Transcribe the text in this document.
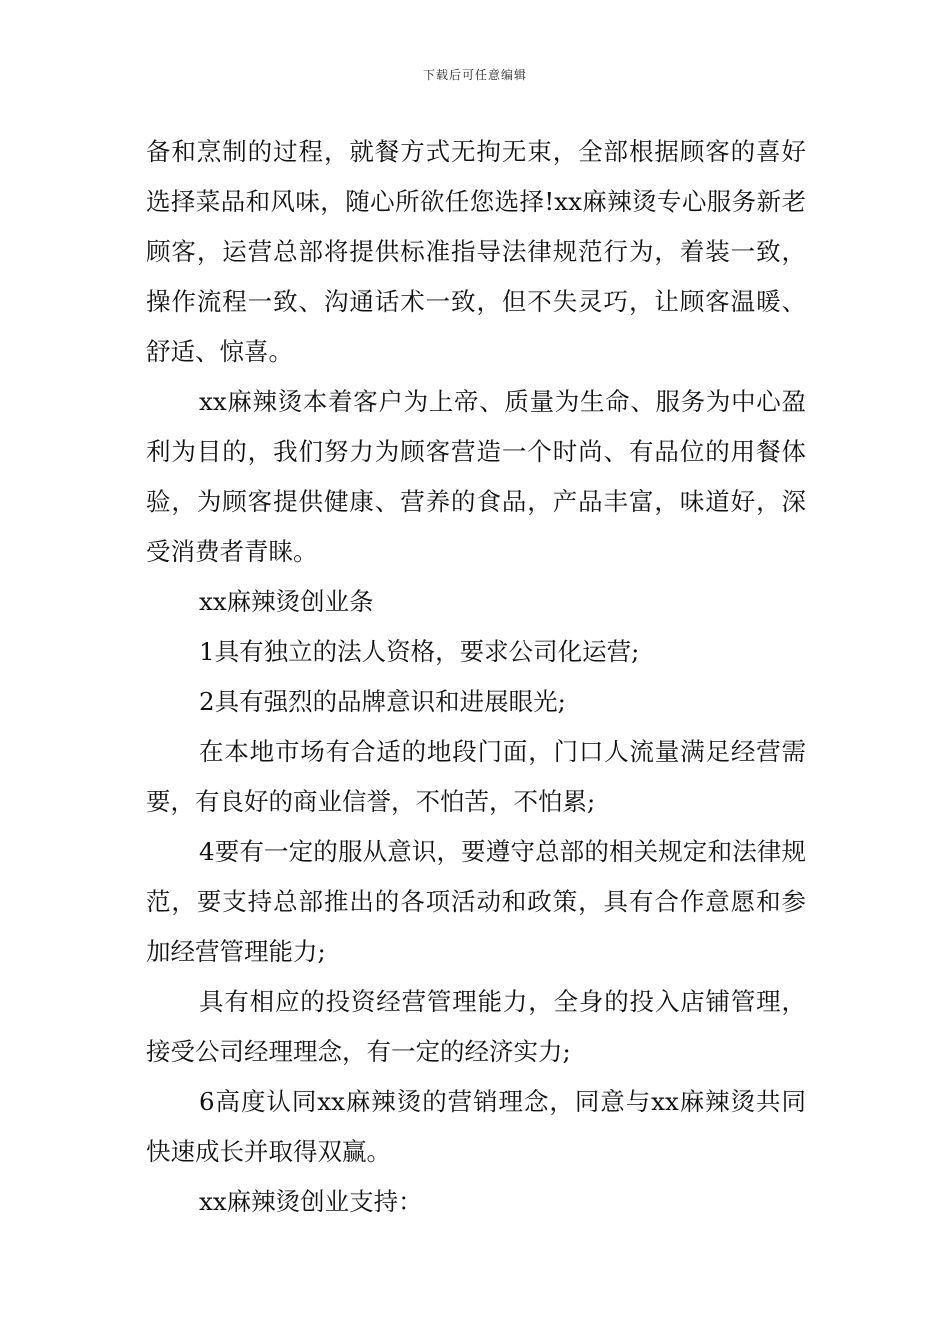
下载后可任意编辑

备和烹制的过程，就餐方式无拘无束，全部根据顾客的喜好选择菜品和风味，随心所欲任您选择!xx麻辣烫专心服务新老顾客，运营总部将提供标准指导法律规范行为，着装一致，操作流程一致、沟通话术一致，但不失灵巧，让顾客温暖、舒适、惊喜。

xx麻辣烫本着客户为上帝、质量为生命、服务为中心盈利为目的，我们努力为顾客营造一个时尚、有品位的用餐体验，为顾客提供健康、营养的食品，产品丰富，味道好，深受消费者青睐。

xx麻辣烫创业条

1具有独立的法人资格，要求公司化运营;

2具有强烈的品牌意识和进展眼光;

在本地市场有合适的地段门面，门口人流量满足经营需要，有良好的商业信誉，不怕苦，不怕累;

4要有一定的服从意识，要遵守总部的相关规定和法律规范，要支持总部推出的各项活动和政策，具有合作意愿和参加经营管理能力;

具有相应的投资经营管理能力，全身的投入店铺管理，接受公司经理理念，有一定的经济实力;

6高度认同xx麻辣烫的营销理念，同意与xx麻辣烫共同快速成长并取得双赢。

xx麻辣烫创业支持：
